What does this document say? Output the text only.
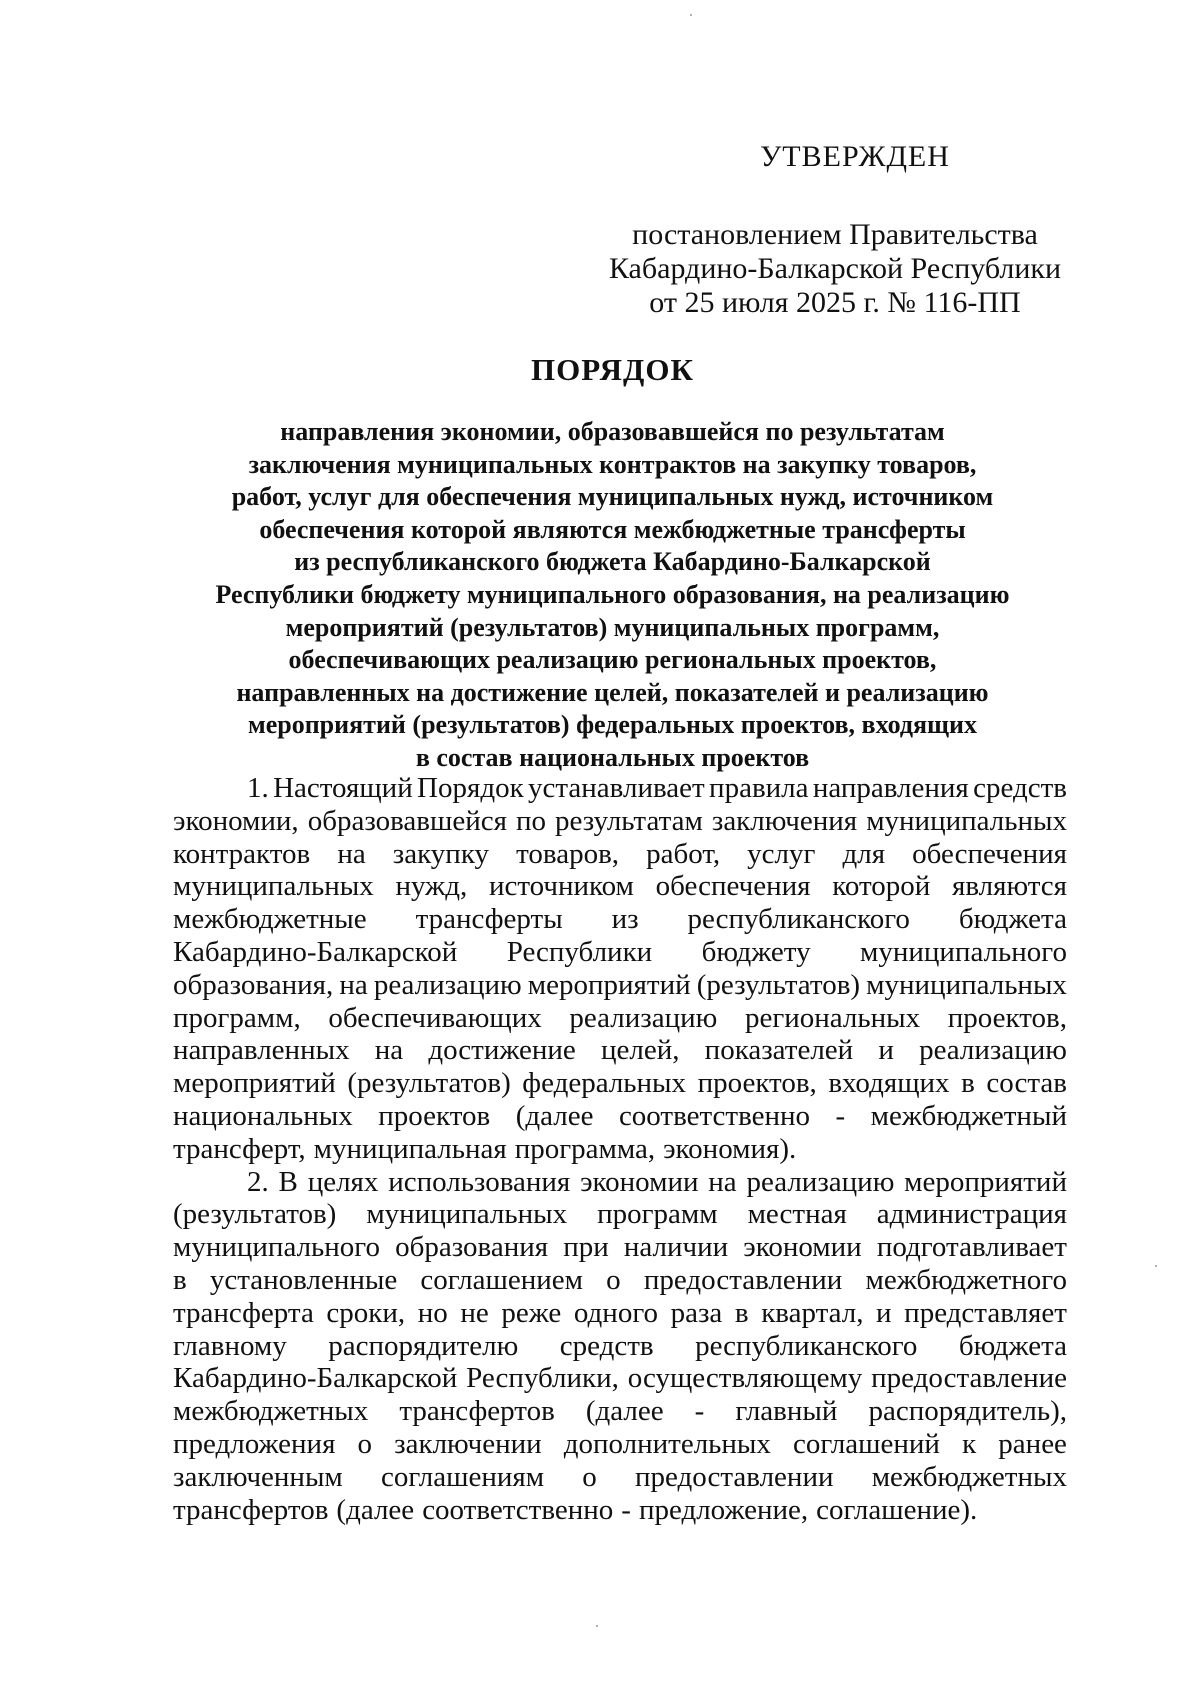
УТВЕРЖДЕН
постановлением Правительства
Кабардино-Балкарской Республики
от 25 июля 2025 г. № 116-ПП
ПОРЯДОК
направления экономии, образовавшейся по результатам
заключения муниципальных контрактов на закупку товаров,
работ, услуг для обеспечения муниципальных нужд, источником
обеспечения которой являются межбюджетные трансферты
из республиканского бюджета Кабардино-Балкарской
Республики бюджету муниципального образования, на реализацию
мероприятий (результатов) муниципальных программ,
обеспечивающих реализацию региональных проектов,
направленных на достижение целей, показателей и реализацию
мероприятий (результатов) федеральных проектов, входящих
в состав национальных проектов
1. Настоящий Порядок устанавливает правила направления средств
экономии, образовавшейся по результатам заключения муниципальных
контрактов на закупку товаров, работ, услуг для обеспечения
муниципальных нужд, источником обеспечения которой являются
межбюджетные трансферты из республиканского бюджета
Кабардино-Балкарской Республики бюджету муниципального
образования, на реализацию мероприятий (результатов) муниципальных
программ, обеспечивающих реализацию региональных проектов,
направленных на достижение целей, показателей и реализацию
мероприятий (результатов) федеральных проектов, входящих в состав
национальных проектов (далее соответственно - межбюджетный
трансферт, муниципальная программа, экономия).
2. В целях использования экономии на реализацию мероприятий
(результатов) муниципальных программ местная администрация
муниципального образования при наличии экономии подготавливает
в установленные соглашением о предоставлении межбюджетного
трансферта сроки, но не реже одного раза в квартал, и представляет
главному распорядителю средств республиканского бюджета
Кабардино-Балкарской Республики, осуществляющему предоставление
межбюджетных трансфертов (далее - главный распорядитель),
предложения о заключении дополнительных соглашений к ранее
заключенным соглашениям о предоставлении межбюджетных
трансфертов (далее соответственно - предложение, соглашение).
